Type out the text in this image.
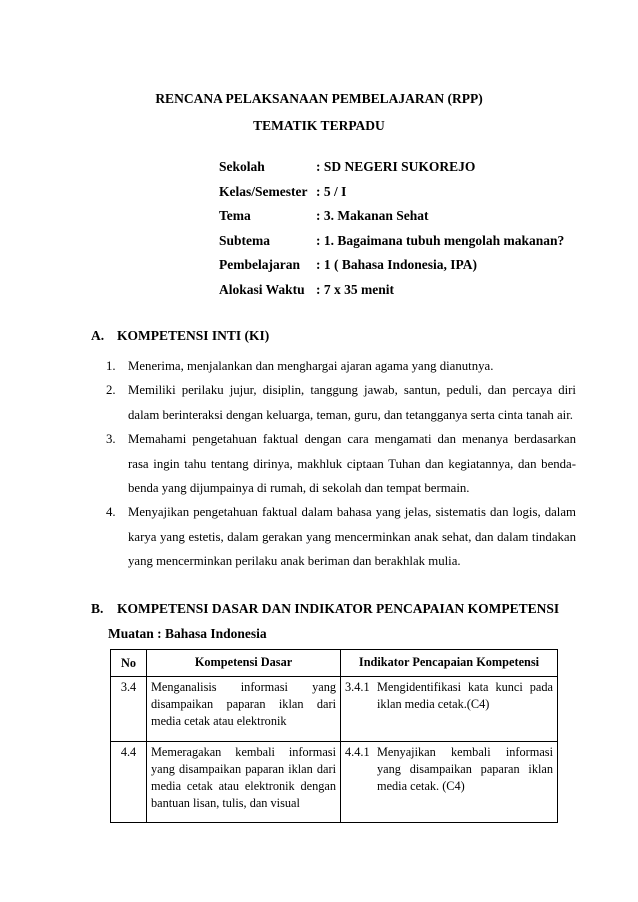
RENCANA PELAKSANAAN PEMBELAJARAN (RPP)
TEMATIK TERPADU
Sekolah	: SD NEGERI SUKOREJO
Kelas/Semester : 5 / I
Tema	: 3. Makanan Sehat
Subtema	: 1. Bagaimana tubuh mengolah makanan?
Pembelajaran	: 1 ( Bahasa Indonesia, IPA)
Alokasi Waktu : 7 x 35 menit
A. KOMPETENSI INTI (KI)
1. Menerima, menjalankan dan menghargai ajaran agama yang dianutnya.
2. Memiliki perilaku jujur, disiplin, tanggung jawab, santun, peduli, dan percaya diri dalam berinteraksi dengan keluarga, teman, guru, dan tetangganya serta cinta tanah air.
3. Memahami pengetahuan faktual dengan cara mengamati dan menanya berdasarkan rasa ingin tahu tentang dirinya, makhluk ciptaan Tuhan dan kegiatannya, dan benda-benda yang dijumpainya di rumah, di sekolah dan tempat bermain.
4. Menyajikan pengetahuan faktual dalam bahasa yang jelas, sistematis dan logis, dalam karya yang estetis, dalam gerakan yang mencerminkan anak sehat, dan dalam tindakan yang mencerminkan perilaku anak beriman dan berakhlak mulia.
B. KOMPETENSI DASAR DAN INDIKATOR PENCAPAIAN KOMPETENSI
Muatan : Bahasa Indonesia
No	Kompetensi Dasar	Indikator Pencapaian Kompetensi
3.4	Menganalisis informasi yang disampaikan paparan iklan dari media cetak atau elektronik	3.4.1 Mengidentifikasi kata kunci pada iklan media cetak.(C4)

4.4	Memeragakan kembali informasi yang disampaikan paparan iklan dari media cetak atau elektronik dengan bantuan lisan, tulis, dan visual	4.4.1 Menyajikan kembali informasi yang disampaikan paparan iklan media cetak. (C4)
